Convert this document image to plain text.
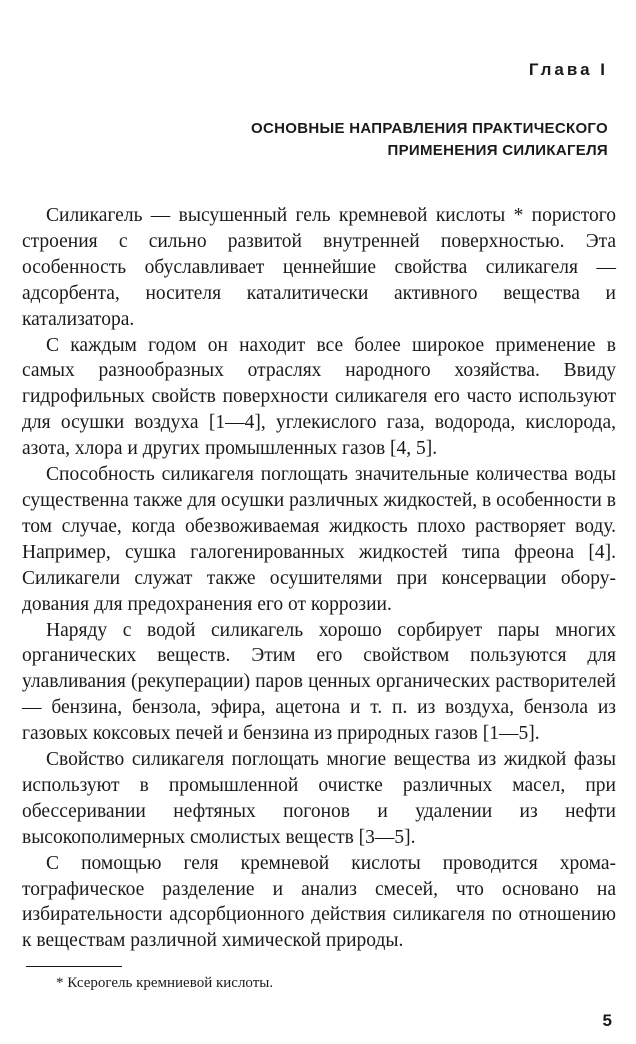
Глава I
ОСНОВНЫЕ НАПРАВЛЕНИЯ ПРАКТИЧЕСКОГО
ПРИМЕНЕНИЯ СИЛИКАГЕЛЯ

Силикагель — высушенный гель кремневой кислоты * пористого строения с сильно развитой внутренней поверхностью. Эта особенность обуславливает ценнейшие свойства силикагеля — адсорбента, носителя каталитически активного вещества и катализатора.

С каждым годом он находит все более широкое применение в самых разнообразных отраслях народного хозяйства. Ввиду гидрофильных свойств поверхности силикагеля его часто используют для осушки воздуха [1—4], углекислого газа, водорода, кислорода, азота, хлора и других промышленных газов [4, 5].

Способность силикагеля поглощать значительные количества воды существенна также для осушки различных жидкостей, в особенности в том случае, когда обезвоживаемая жидкость плохо растворяет воду. Например, сушка галогенированных жидкостей типа фреона [4]. Силикагели служат также осушителями при консервации оборудования для предохранения его от коррозии.

Наряду с водой силикагель хорошо сорбирует пары многих органических веществ. Этим его свойством пользуются для улавливания (рекуперации) паров ценных органических растворителей — бензина, бензола, эфира, ацетона и т. п. из воздуха, бензола из газовых коксовых печей и бензина из природных газов [1—5].

Свойство силикагеля поглощать многие вещества из жидкой фазы используют в промышленной очистке различных масел, при обессеривании нефтяных погонов и удалении из нефти высокополимерных смолистых веществ [3—5].

С помощью геля кремневой кислоты проводится хроматографическое разделение и анализ смесей, что основано на избирательности адсорбционного действия силикагеля по отношению к веществам различной химической природы.

* Ксерогель кремниевой кислоты.

5
